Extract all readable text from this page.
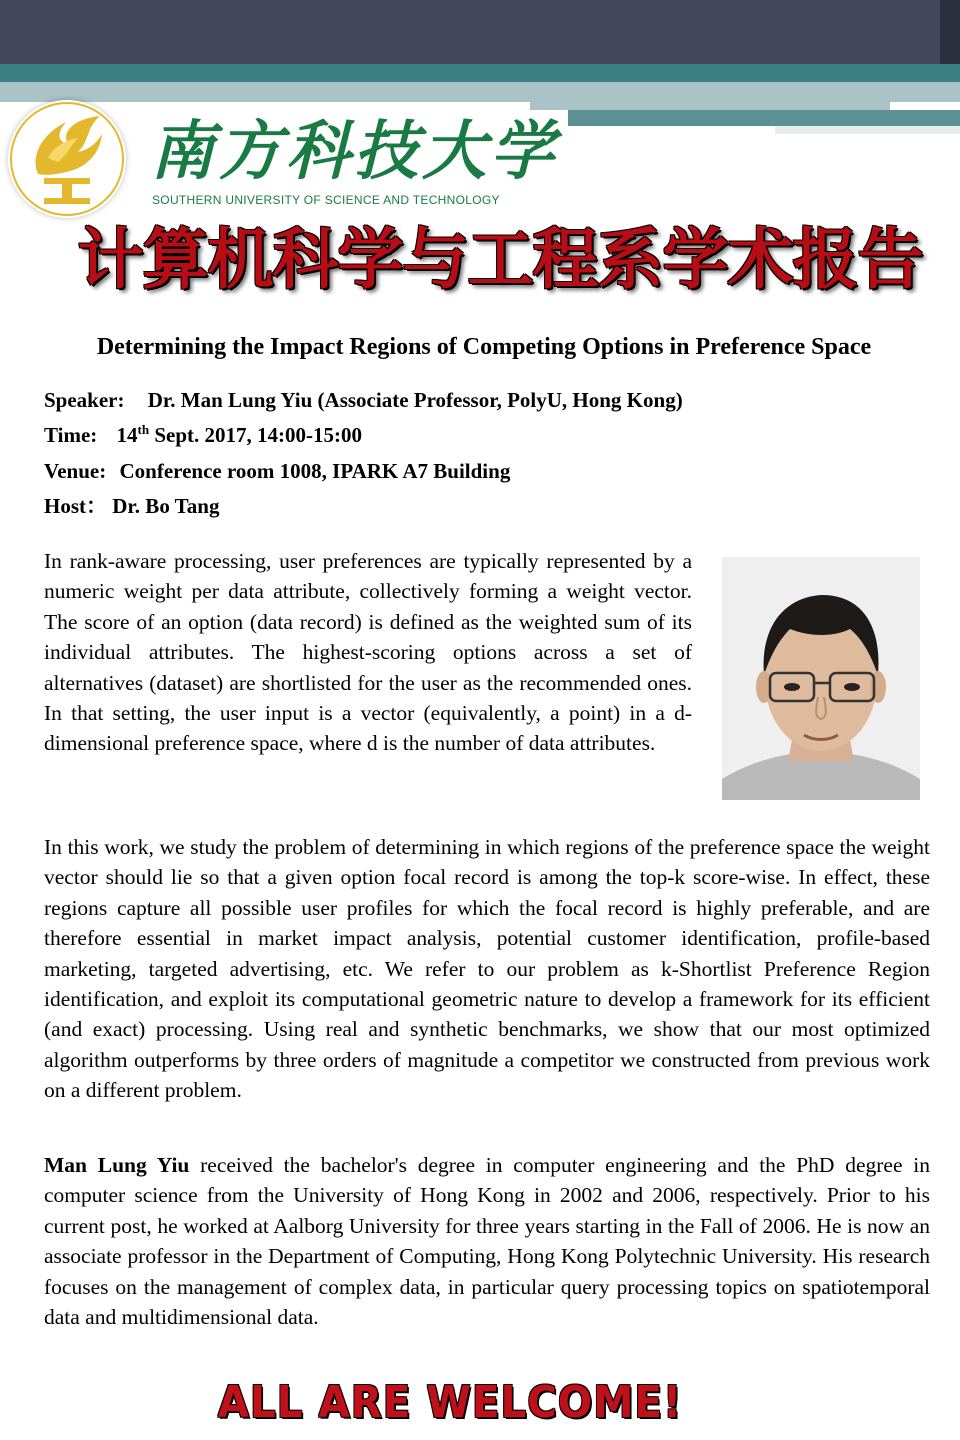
南方科技大学
SOUTHERN UNIVERSITY OF SCIENCE AND TECHNOLOGY
计算机科学与工程系学术报告
Determining the Impact Regions of Competing Options in Preference Space
Speaker: Dr. Man Lung Yiu (Associate Professor, PolyU, Hong Kong)
Time: 14th Sept. 2017, 14:00-15:00
Venue: Conference room 1008, IPARK A7 Building
Host： Dr. Bo Tang
In rank-aware processing, user preferences are typically represented by a numeric weight per data attribute, collectively forming a weight vector. The score of an option (data record) is defined as the weighted sum of its individual attributes. The highest-scoring options across a set of alternatives (dataset) are shortlisted for the user as the recommended ones. In that setting, the user input is a vector (equivalently, a point) in a d-dimensional preference space, where d is the number of data attributes.
In this work, we study the problem of determining in which regions of the preference space the weight vector should lie so that a given option focal record is among the top-k score-wise. In effect, these regions capture all possible user profiles for which the focal record is highly preferable, and are therefore essential in market impact analysis, potential customer identification, profile-based marketing, targeted advertising, etc. We refer to our problem as k-Shortlist Preference Region identification, and exploit its computational geometric nature to develop a framework for its efficient (and exact) processing. Using real and synthetic benchmarks, we show that our most optimized algorithm outperforms by three orders of magnitude a competitor we constructed from previous work on a different problem.
Man Lung Yiu received the bachelor's degree in computer engineering and the PhD degree in computer science from the University of Hong Kong in 2002 and 2006, respectively. Prior to his current post, he worked at Aalborg University for three years starting in the Fall of 2006. He is now an associate professor in the Department of Computing, Hong Kong Polytechnic University. His research focuses on the management of complex data, in particular query processing topics on spatiotemporal data and multidimensional data.
ALL ARE WELCOME!
